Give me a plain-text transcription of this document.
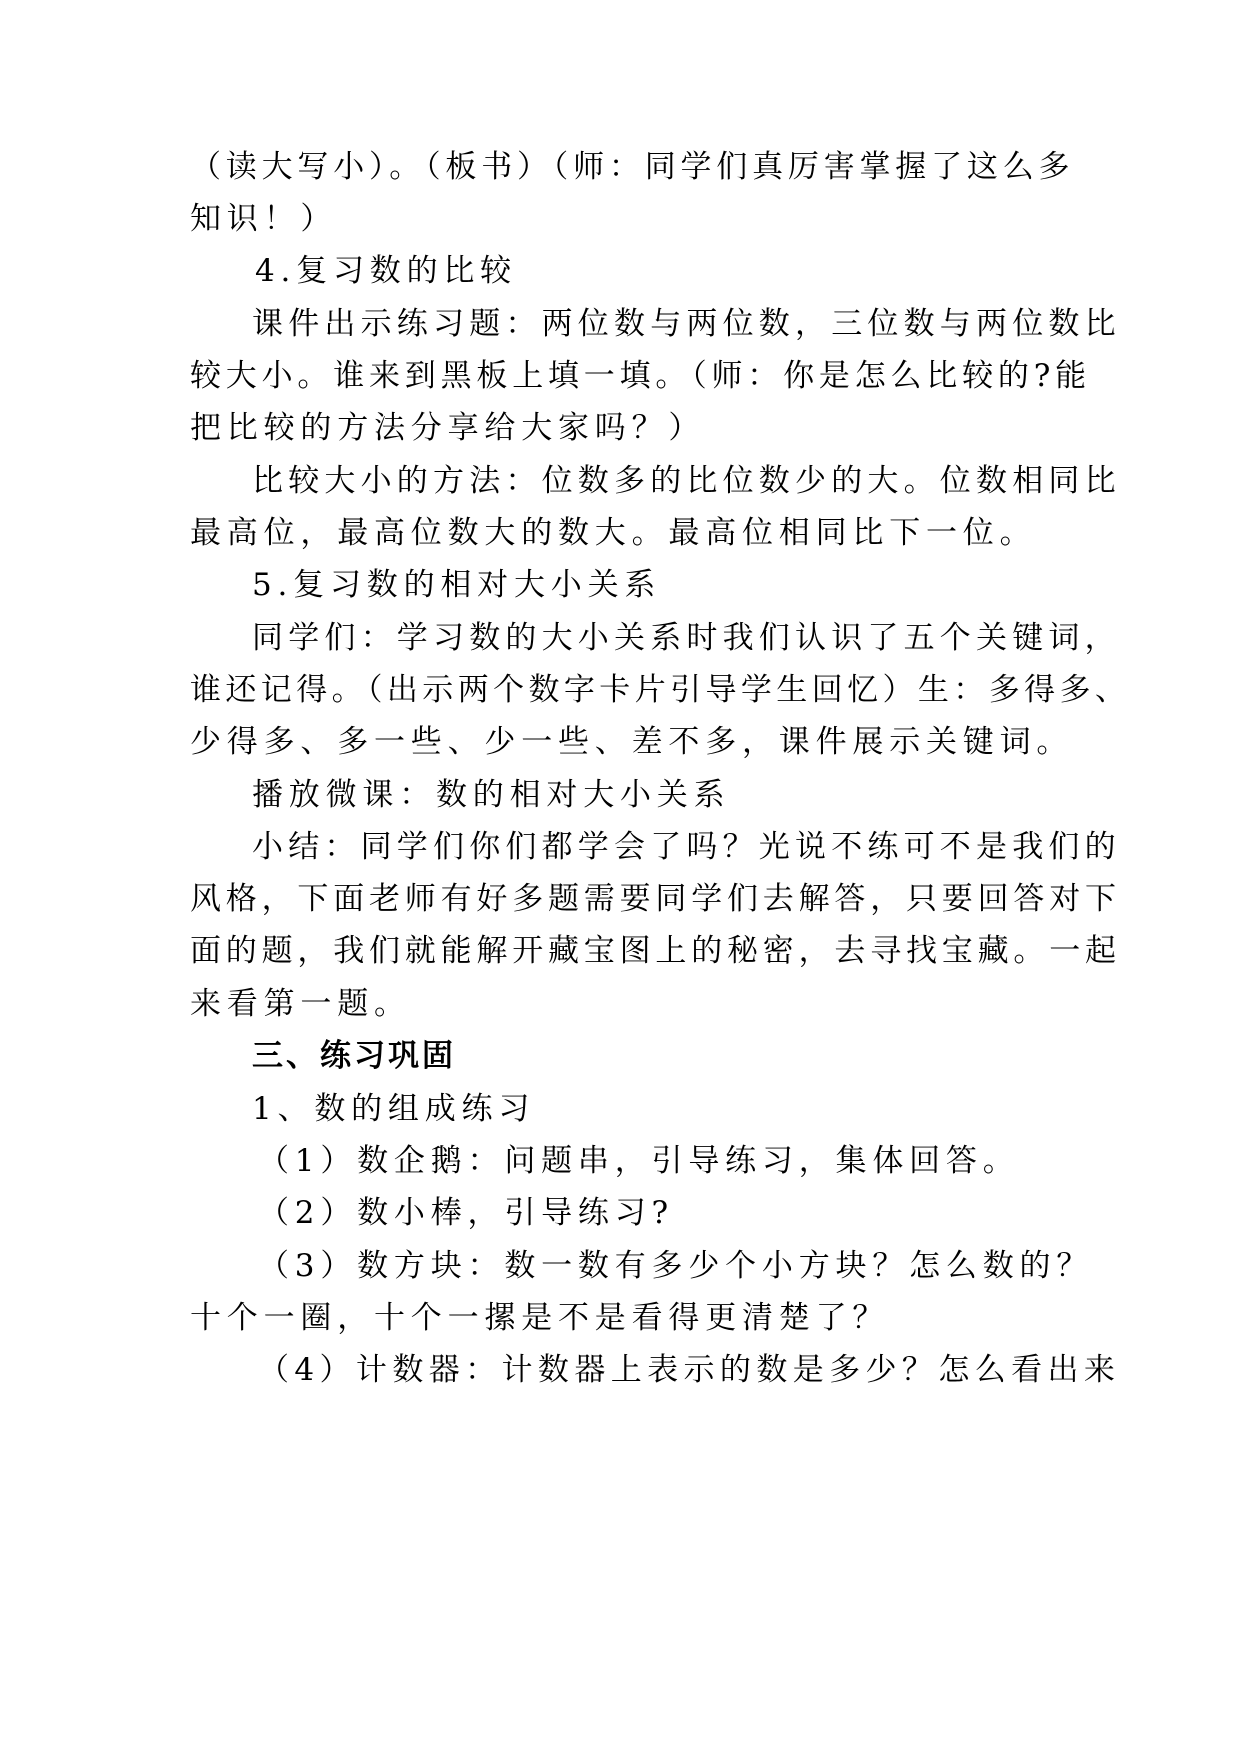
（读大写小）。（板书）（师：同学们真厉害掌握了这么多
知识！）
4.复习数的比较
课件出示练习题：两位数与两位数，三位数与两位数比
较大小。谁来到黑板上填一填。（师：你是怎么比较的?能
把比较的方法分享给大家吗？）
比较大小的方法：位数多的比位数少的大。位数相同比
最高位，最高位数大的数大。最高位相同比下一位。
5.复习数的相对大小关系
同学们：学习数的大小关系时我们认识了五个关键词，
谁还记得。（出示两个数字卡片引导学生回忆）生：多得多、
少得多、多一些、少一些、差不多，课件展示关键词。
播放微课：数的相对大小关系
小结：同学们你们都学会了吗？光说不练可不是我们的
风格，下面老师有好多题需要同学们去解答，只要回答对下
面的题，我们就能解开藏宝图上的秘密，去寻找宝藏。一起
来看第一题。
三、练习巩固
1、数的组成练习
（1）数企鹅：问题串，引导练习，集体回答。
（2）数小棒，引导练习?
（3）数方块：数一数有多少个小方块？怎么数的？
十个一圈，十个一摞是不是看得更清楚了？
（4）计数器：计数器上表示的数是多少？怎么看出来
